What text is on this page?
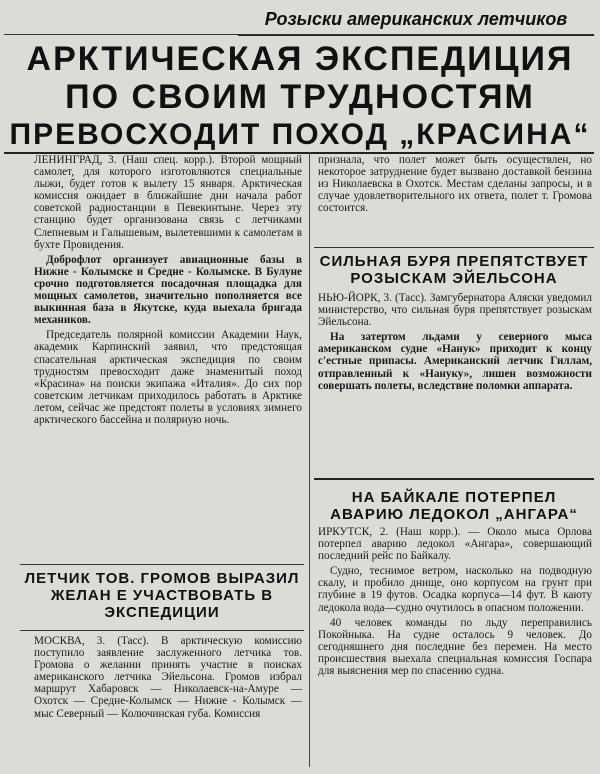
Розыски американских летчиков
АРКТИЧЕСКАЯ ЭКСПЕДИЦИЯ
ПО СВОИМ ТРУДНОСТЯМ
ПРЕВОСХОДИТ ПОХОД „КРАСИНА“

ЛЕНИНГРАД, 3. (Наш спец. корр.). Второй мощный самолет, для которого изготовляются специальные лыжи, будет готов к вылету 15 января. Арктическая комиссия ожидает в ближайшие дни начала работ советской радиостанции в Певекинтыне. Через эту станцию будет организована связь с летчиками Слепневым и Галышевым, вылетевшими к самолетам в бухте Провидения.

Доброфлот организует авиационные базы в Нижне - Колымске и Средне - Колымске. В Булуне срочно подготовляется посадочная площадка для мощных самолетов, значительно пополняется все выкинная база в Якутске, куда выехала бригада механиков.

Председатель полярной комиссии Академии Наук, академик Карпинский заявил, что предстоящая спасательная арктическая экспедиция по своим трудностям превосходит даже знаменитый поход «Красина» на поиски экипажа «Италия». До сих пор советским летчикам приходилось работать в Арктике летом, сейчас же предстоят полеты в условиях зимнего арктического бассейна и полярную ночь.

ЛЕТЧИК ТОВ. ГРОМОВ ВЫРАЗИЛ ЖЕЛАН Е УЧАСТВОВАТЬ В ЭКСПЕДИЦИИ

МОСКВА, 3. (Тасс). В арктическую комиссию поступило заявление заслуженного летчика тов. Громова о желании принять участие в поисках американского летчика Эйельсона. Громов избрал маршрут Хабаровск — Николаевск-на-Амуре — Охотск — Средне-Колымск — Нижне - Колымск — мыс Северный — Колючинская губа. Комиссия

признала, что полет может быть осуществлен, но некоторое затруднение будет вызвано доставкой бензина из Николаевска в Охотск. Местам сделаны запросы, и в случае удовлетворительного их ответа, полет т. Громова состоится.

СИЛЬНАЯ БУРЯ ПРЕПЯТСТВУЕТ РОЗЫСКАМ ЭЙЕЛЬСОНА

НЬЮ-ЙОРК, 3. (Тасс). Замгубернатора Аляски уведомил министерство, что сильная буря препятствует розыскам Эйельсона.

На затертом льдами у северного мыса американском судне «Нанук» приходит к концу с'естные припасы. Американский летчик Гиллам, отправленный к «Нануку», лишен возможности совершать полеты, вследствие поломки аппарата.

НА БАЙКАЛЕ ПОТЕРПЕЛ АВАРИЮ ЛЕДОКОЛ „АНГАРА“

ИРКУТСК, 2. (Наш корр.). — Около мыса Орлова потерпел аварию ледокол «Ангара», совершающий последний рейс по Байкалу.

Судно, теснимое ветром, насколько на подводную скалу, и пробило днище, оно корпусом на грунт при глубине в 19 футов. Осадка корпуса—14 фут. В каюту ледокола вода—судно очутилось в опасном положении.

40 человек команды по льду переправились Покойныка. На судне осталось 9 человек. До сегодняшнего дня последние без перемен. На место происшествия выехала специальная комиссия Госпара для выяснения мер по спасению судна.
